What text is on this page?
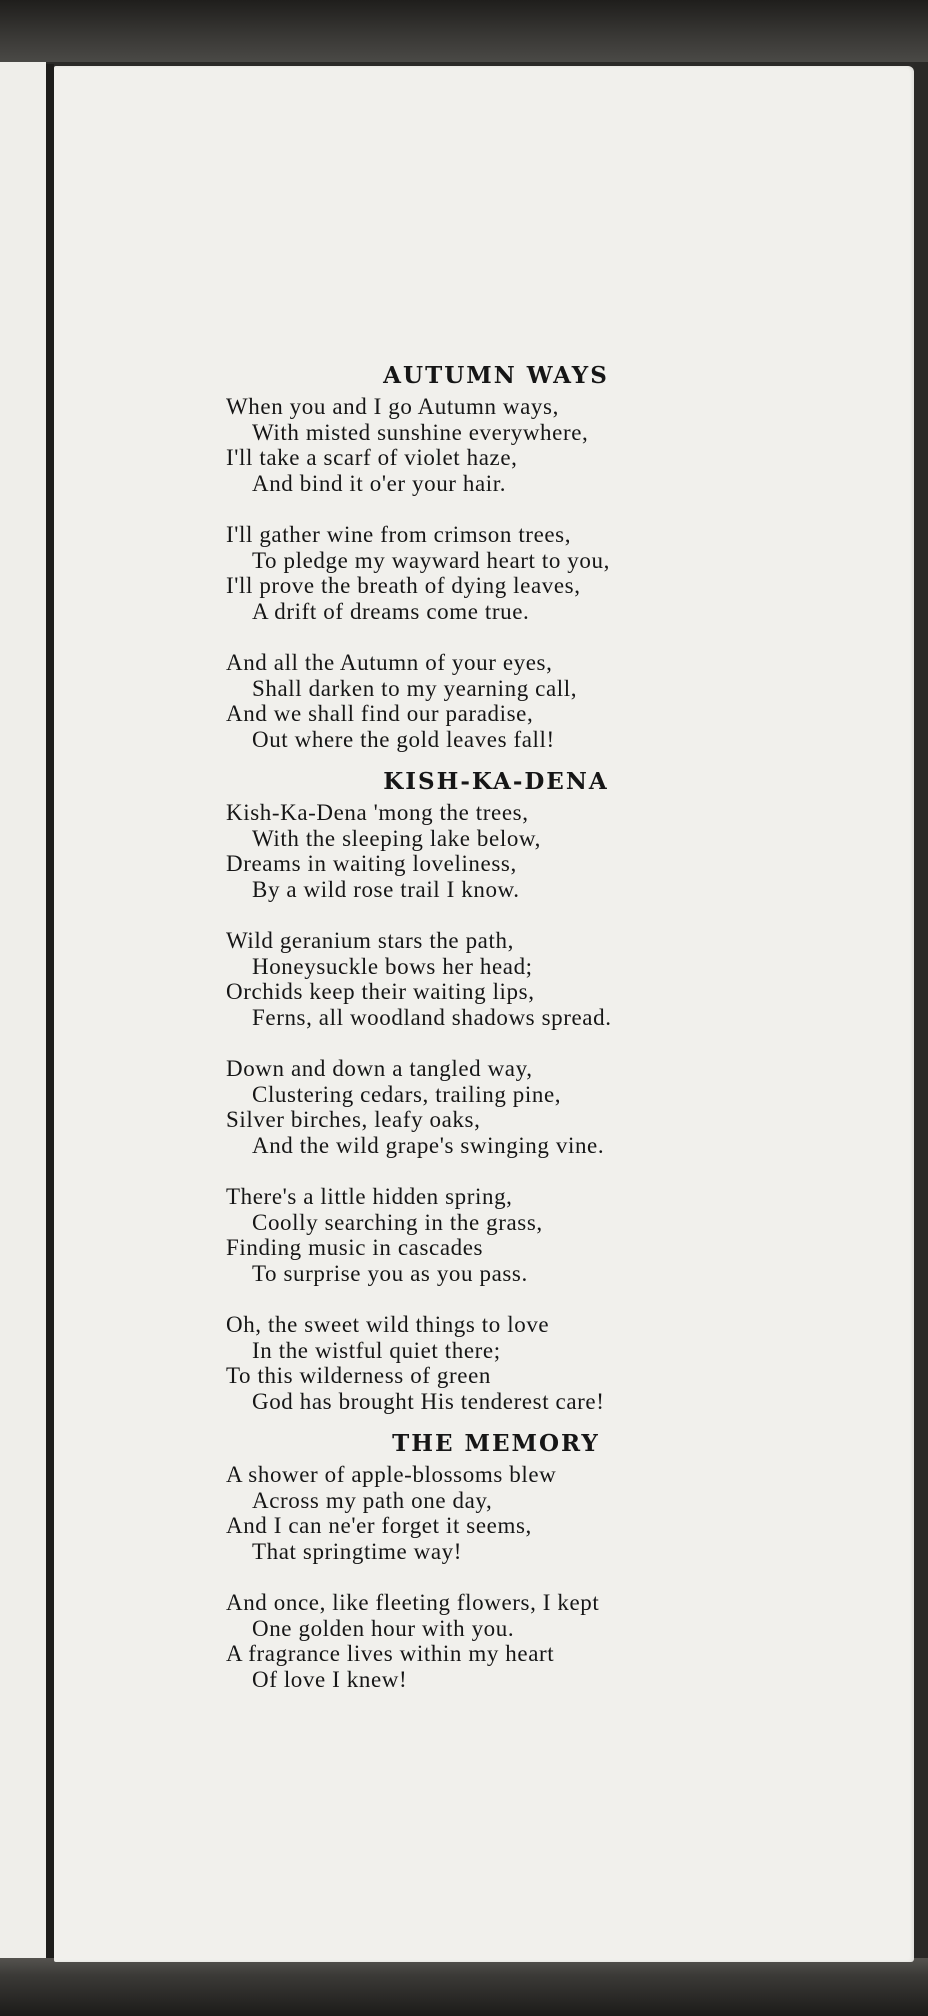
AUTUMN WAYS
When you and I go Autumn ways,
With misted sunshine everywhere,
I'll take a scarf of violet haze,
And bind it o'er your hair.
I'll gather wine from crimson trees,
To pledge my wayward heart to you,
I'll prove the breath of dying leaves,
A drift of dreams come true.
And all the Autumn of your eyes,
Shall darken to my yearning call,
And we shall find our paradise,
Out where the gold leaves fall!
KISH-KA-DENA
Kish-Ka-Dena 'mong the trees,
With the sleeping lake below,
Dreams in waiting loveliness,
By a wild rose trail I know.
Wild geranium stars the path,
Honeysuckle bows her head;
Orchids keep their waiting lips,
Ferns, all woodland shadows spread.
Down and down a tangled way,
Clustering cedars, trailing pine,
Silver birches, leafy oaks,
And the wild grape's swinging vine.
There's a little hidden spring,
Coolly searching in the grass,
Finding music in cascades
To surprise you as you pass.
Oh, the sweet wild things to love
In the wistful quiet there;
To this wilderness of green
God has brought His tenderest care!
THE MEMORY
A shower of apple-blossoms blew
Across my path one day,
And I can ne'er forget it seems,
That springtime way!
And once, like fleeting flowers, I kept
One golden hour with you.
A fragrance lives within my heart
Of love I knew!
